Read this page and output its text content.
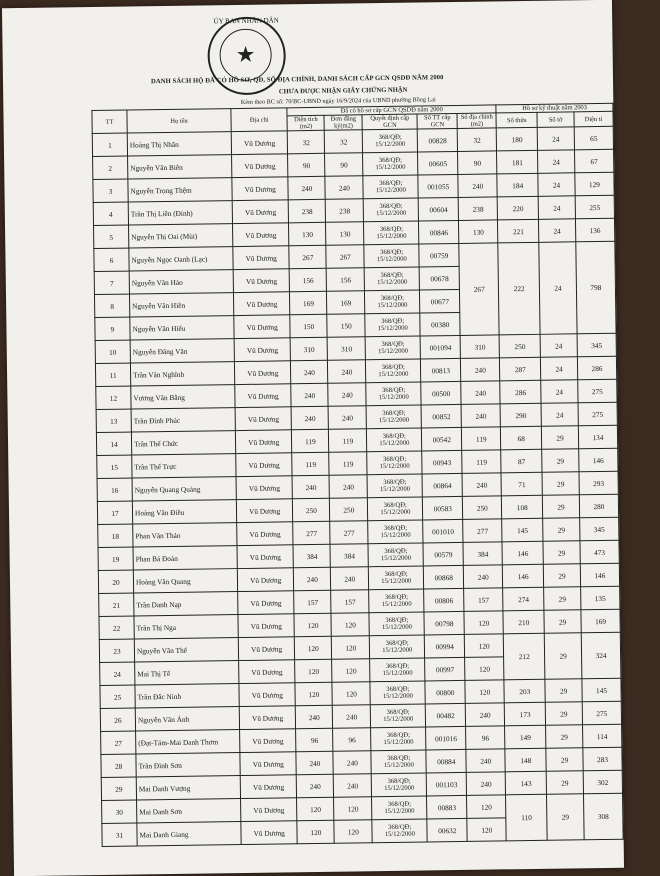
ỦY BAN NHÂN DÂN
★
DANH SÁCH HỘ ĐÃ CÓ HỒ SƠ, QĐ, SỔ ĐỊA CHÍNH, DANH SÁCH CẤP GCN QSDĐ NĂM 2000
CHƯA ĐƯỢC NHẬN GIẤY CHỨNG NHẬN
Kèm theo BC số: 70/BC-UBND ngày 16/9/2024 của UBND phường Bồng Lai
TT	Họ tên	Địa chỉ	Đã có hồ sơ cấp GCN QSDĐ năm 2000					Hồ sơ kỹ thuật năm 2003		
			Diện tích (m2)	Đơn đăng ký(m2)	Quyết định cấp GCN	Số TT cấp GCN	Sổ địa chính (m2)	Số thửa	Số tờ	Diện tí
1	Hoàng Thị Nhân	Vũ Dương	32	32	368/QĐ;
15/12/2000	00828	32	180	24	65
2	Nguyễn Văn Biên	Vũ Dương	90	90	368/QĐ;
15/12/2000	00605	90	181	24	67
3	Nguyễn Trọng Thệm	Vũ Dương	240	240	368/QĐ;
15/12/2000	001055	240	184	24	129
4	Trần Thị Liên (Đính)	Vũ Dương	238	238	368/QĐ;
15/12/2000	00604	238	220	24	255
5	Nguyễn Thị Oai (Mùi)	Vũ Dương	130	130	368/QĐ;
15/12/2000	00846	130	221	24	136
6	Nguyễn Ngọc Oanh (Lạc)	Vũ Dương	267	267	368/QĐ;
15/12/2000	00759	267	222	24	798
7	Nguyễn Văn Hảo	Vũ Dương	156	156	368/QĐ;
15/12/2000	00678				
8	Nguyễn Văn Hiền	Vũ Dương	169	169	368/QĐ;
15/12/2000	00677				
9	Nguyễn Văn Hiếu	Vũ Dương	150	150	368/QĐ;
15/12/2000	00380				
10	Nguyễn Đăng Văn	Vũ Dương	310	310	368/QĐ;
15/12/2000	001094	310	250	24	345
11	Trần Văn Nghĩnh	Vũ Dương	240	240	368/QĐ;
15/12/2000	00813	240	287	24	286
12	Vương Văn Bằng	Vũ Dương	240	240	368/QĐ;
15/12/2000	00500	240	286	24	275
13	Trần Đình Phúc	Vũ Dương	240	240	368/QĐ;
15/12/2000	00852	240	290	24	275
14	Trần Thế Chức	Vũ Dương	119	119	368/QĐ;
15/12/2000	00542	119	68	29	134
15	Trần Thế Trực	Vũ Dương	119	119	368/QĐ;
15/12/2000	00943	119	87	29	146
16	Nguyễn Quang Quảng	Vũ Dương	240	240	368/QĐ;
15/12/2000	00864	240	71	29	293
17	Hoàng Văn Điều	Vũ Dương	250	250	368/QĐ;
15/12/2000	00583	250	108	29	280
18	Phan Văn Thảo	Vũ Dương	277	277	368/QĐ;
15/12/2000	001010	277	145	29	345
19	Phan Bá Đoàn	Vũ Dương	384	384	368/QĐ;
15/12/2000	00579	384	146	29	473
20	Hoàng Văn Quang	Vũ Dương	240	240	368/QĐ;
15/12/2000	00868	240	146	29	146
21	Trần Danh Nạp	Vũ Dương	157	157	368/QĐ;
15/12/2000	00806	157	274	29	135
22	Trần Thị Nga	Vũ Dương	120	120	368/QĐ;
15/12/2000	00798	120	210	29	169
23	Nguyễn Văn Thể	Vũ Dương	120	120	368/QĐ;
15/12/2000	00994	120	212	29	324
24	Mai Thị Tế	Vũ Dương	120	120	368/QĐ;
15/12/2000	00997	120			
25	Trần Đắc Ninh	Vũ Dương	120	120	368/QĐ;
15/12/2000	00800	120	203	29	145
26	Nguyễn Văn Ánh	Vũ Dương	240	240	368/QĐ;
15/12/2000	00482	240	173	29	275
27	(Đạt-Tám-Mai Danh Thơm	Vũ Dương	96	96	368/QĐ;
15/12/2000	001016	96	149	29	114
28	Trần Đình Sơn	Vũ Dương	240	240	368/QĐ;
15/12/2000	00884	240	148	29	283
29	Mai Danh Vượng	Vũ Dương	240	240	368/QĐ;
15/12/2000	001103	240	143	29	302
30	Mai Danh Sơn	Vũ Dương	120	120	368/QĐ;
15/12/2000	00883	120	110	29	308
31	Mai Danh Giang	Vũ Dương	120	120	368/QĐ;
15/12/2000	00632	120			
